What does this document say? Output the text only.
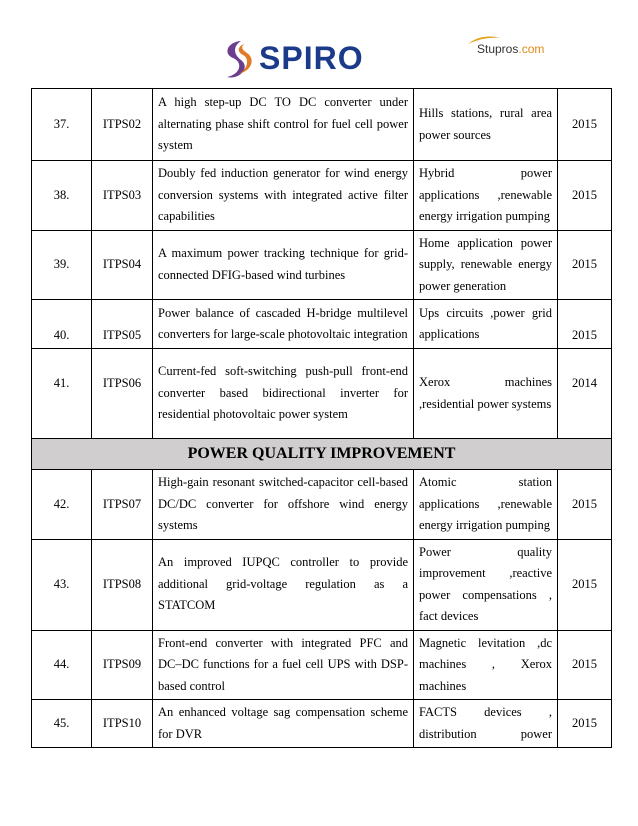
SPIRO	Stupros.com
37.	ITPS02	A high step-up DC TO DC converter under alternating phase shift control for fuel cell power system	Hills stations, rural area power sources	2015
38.	ITPS03	Doubly fed induction generator for wind energy conversion systems with integrated active filter capabilities	Hybrid power applications ,renewable energy irrigation pumping	2015
39.	ITPS04	A maximum power tracking technique for grid-connected DFIG-based wind turbines	Home application power supply, renewable energy power generation	2015
40.	ITPS05	Power balance of cascaded H-bridge multilevel converters for large-scale photovoltaic integration	Ups circuits ,power grid applications	2015
41.	ITPS06	Current-fed soft-switching push-pull front-end converter based bidirectional inverter for residential photovoltaic power system	Xerox machines ,residential power systems	2014
POWER QUALITY IMPROVEMENT				
42.	ITPS07	High-gain resonant switched-capacitor cell-based DC/DC converter for offshore wind energy systems	Atomic station applications ,renewable energy irrigation pumping	2015
43.	ITPS08	An improved IUPQC controller to provide additional grid-voltage regulation as a STATCOM	Power quality improvement ,reactive power compensations , fact devices	2015
44.	ITPS09	Front-end converter with integrated PFC and DC–DC functions for a fuel cell UPS with DSP-based control	Magnetic levitation ,dc machines , Xerox machines	2015
45.	ITPS10	An enhanced voltage sag compensation scheme for DVR	FACTS devices , distribution power	2015
